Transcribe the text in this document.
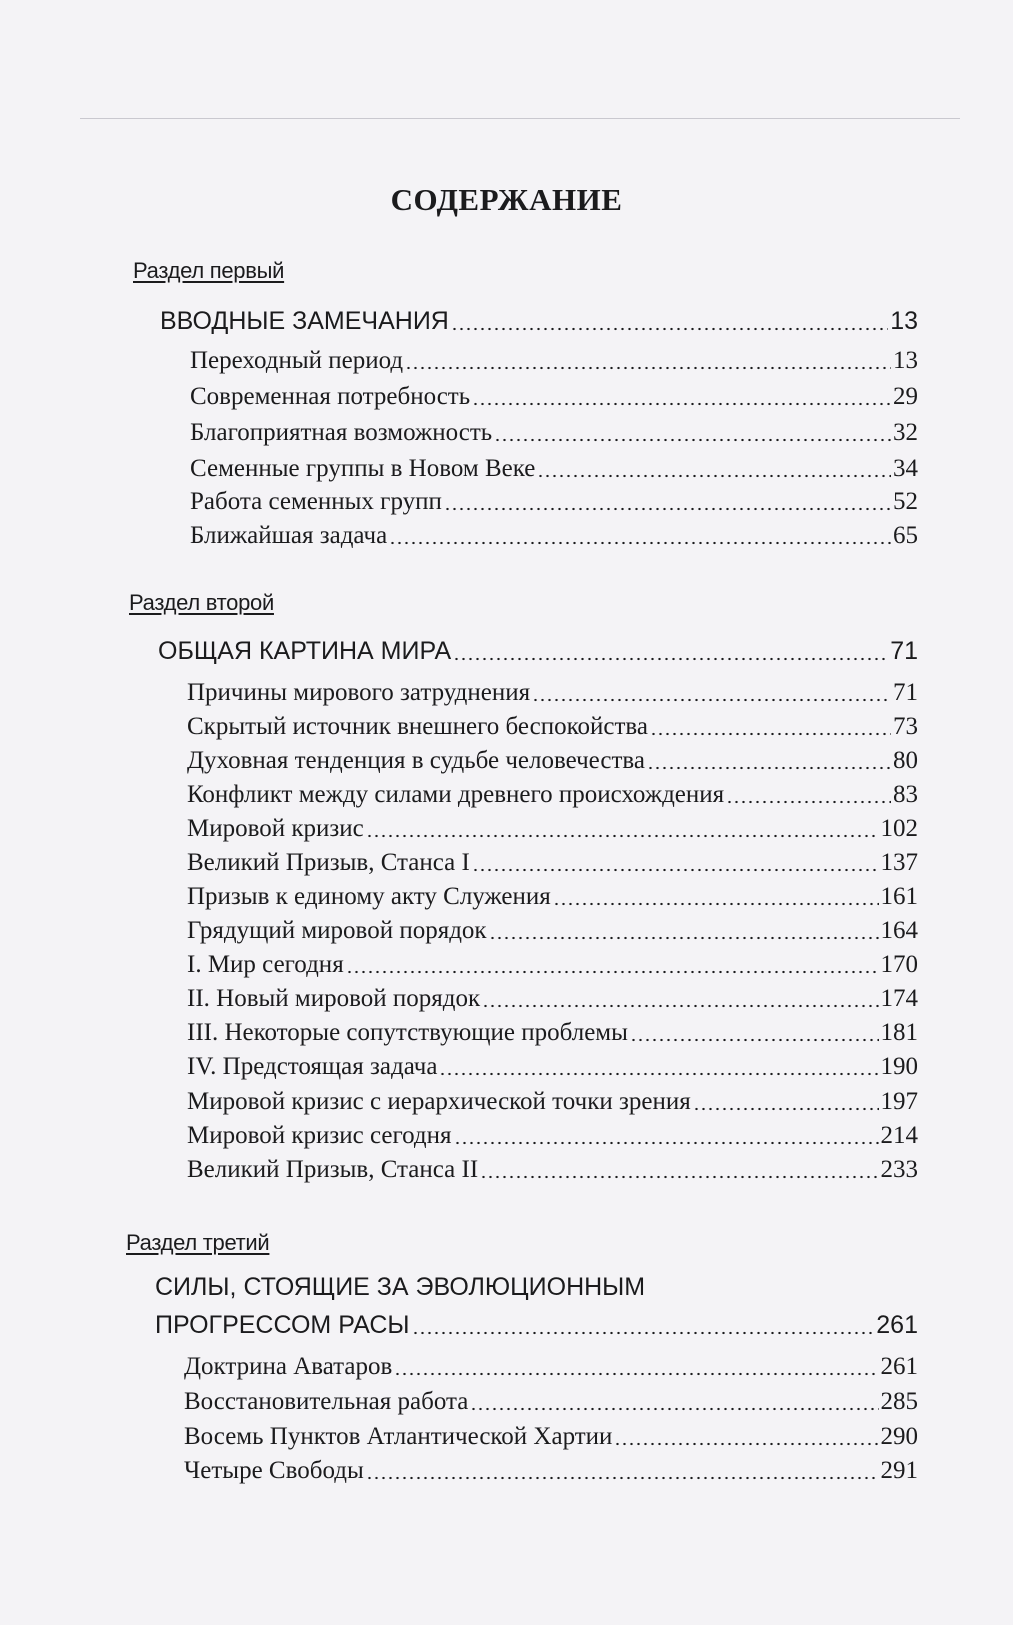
СОДЕРЖАНИЕ
Раздел первый
ВВОДНЫЕ ЗАМЕЧАНИЯ	13
Переходный период	13
Современная потребность	29
Благоприятная возможность	32
Семенные группы в Новом Веке	34
Работа семенных групп	52
Ближайшая задача	65
Раздел второй
ОБЩАЯ КАРТИНА МИРА	71
Причины мирового затруднения	71
Скрытый источник внешнего беспокойства	73
Духовная тенденция в судьбе человечества	80
Конфликт между силами древнего происхождения	83
Мировой кризис	102
Великий Призыв, Станса I	137
Призыв к единому акту Служения	161
Грядущий мировой порядок	164
I. Мир сегодня	170
II. Новый мировой порядок	174
III. Некоторые сопутствующие проблемы	181
IV. Предстоящая задача	190
Мировой кризис с иерархической точки зрения	197
Мировой кризис сегодня	214
Великий Призыв, Станса II	233
Раздел третий
СИЛЫ, СТОЯЩИЕ ЗА ЭВОЛЮЦИОННЫМ
ПРОГРЕССОМ РАСЫ	261
Доктрина Аватаров	261
Восстановительная работа	285
Восемь Пунктов Атлантической Хартии	290
Четыре Свободы	291
